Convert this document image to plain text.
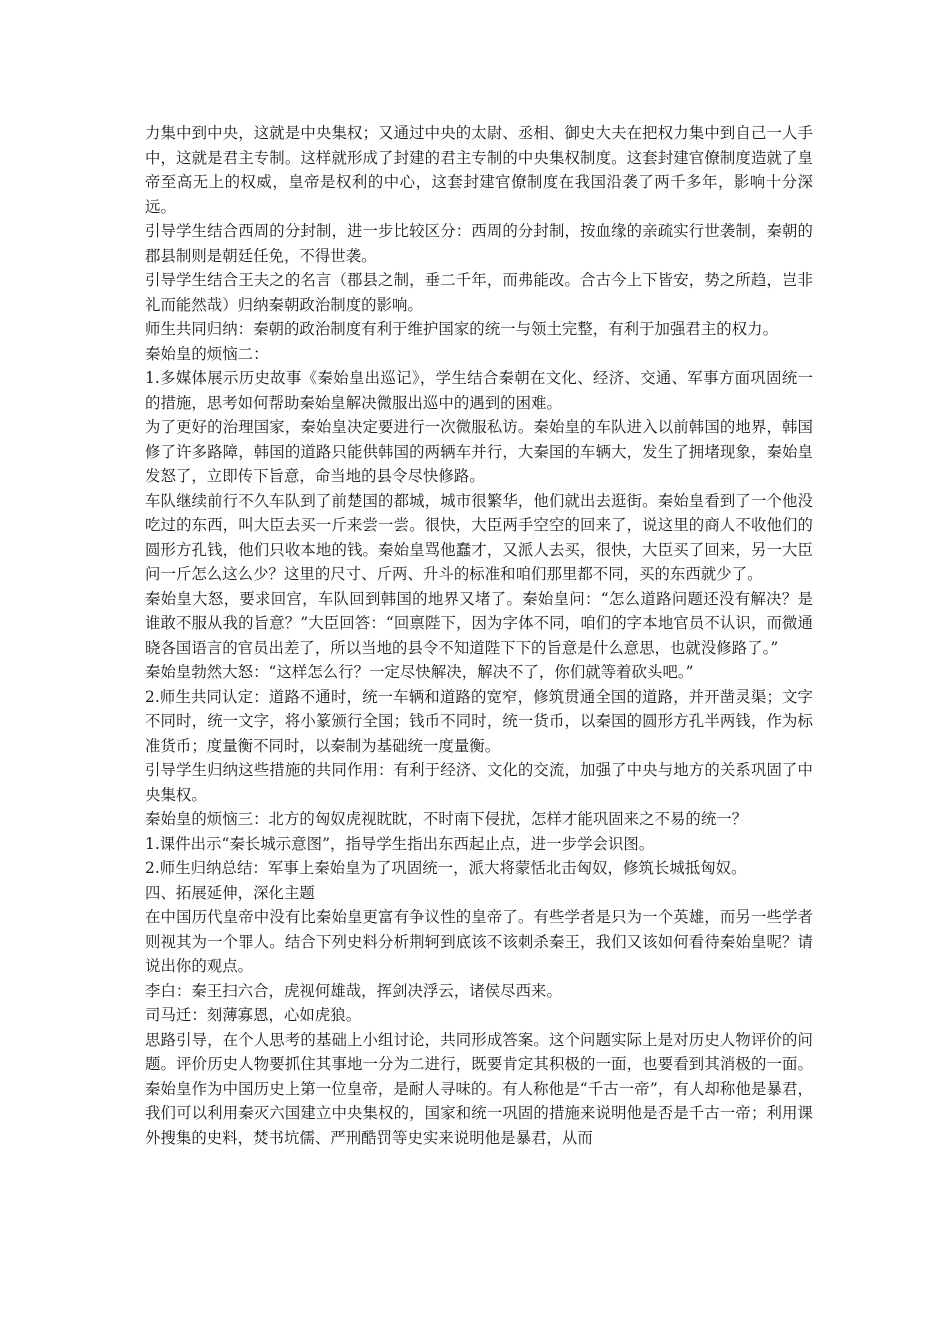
力集中到中央，这就是中央集权；又通过中央的太尉、丞相、御史大夫在把权力集中到自己一人手中，这就是君主专制。这样就形成了封建的君主专制的中央集权制度。这套封建官僚制度造就了皇帝至高无上的权威，皇帝是权利的中心，这套封建官僚制度在我国沿袭了两千多年，影响十分深远。

引导学生结合西周的分封制，进一步比较区分：西周的分封制，按血缘的亲疏实行世袭制，秦朝的郡县制则是朝廷任免，不得世袭。

引导学生结合王夫之的名言（郡县之制，垂二千年，而弗能改。合古今上下皆安，势之所趋，岂非礼而能然哉）归纳秦朝政治制度的影响。

师生共同归纳：秦朝的政治制度有利于维护国家的统一与领土完整，有利于加强君主的权力。

秦始皇的烦恼二：

1.多媒体展示历史故事《秦始皇出巡记》，学生结合秦朝在文化、经济、交通、军事方面巩固统一的措施，思考如何帮助秦始皇解决微服出巡中的遇到的困难。

为了更好的治理国家，秦始皇决定要进行一次微服私访。秦始皇的车队进入以前韩国的地界，韩国修了许多路障，韩国的道路只能供韩国的两辆车并行，大秦国的车辆大，发生了拥堵现象，秦始皇发怒了，立即传下旨意，命当地的县令尽快修路。

车队继续前行不久车队到了前楚国的都城，城市很繁华，他们就出去逛街。秦始皇看到了一个他没吃过的东西，叫大臣去买一斤来尝一尝。很快，大臣两手空空的回来了，说这里的商人不收他们的圆形方孔钱，他们只收本地的钱。秦始皇骂他蠢才，又派人去买，很快，大臣买了回来，另一大臣问一斤怎么这么少？这里的尺寸、斤两、升斗的标准和咱们那里都不同，买的东西就少了。

秦始皇大怒，要求回宫，车队回到韩国的地界又堵了。秦始皇问：“怎么道路问题还没有解决？是谁敢不服从我的旨意？”大臣回答：“回禀陛下，因为字体不同，咱们的字本地官员不认识，而微通晓各国语言的官员出差了，所以当地的县令不知道陛下下的旨意是什么意思，也就没修路了。”

秦始皇勃然大怒：“这样怎么行？一定尽快解决，解决不了，你们就等着砍头吧。”

2.师生共同认定：道路不通时，统一车辆和道路的宽窄，修筑贯通全国的道路，并开凿灵渠；文字不同时，统一文字，将小篆颁行全国；钱币不同时，统一货币，以秦国的圆形方孔半两钱，作为标准货币；度量衡不同时，以秦制为基础统一度量衡。

引导学生归纳这些措施的共同作用：有利于经济、文化的交流，加强了中央与地方的关系巩固了中央集权。

秦始皇的烦恼三：北方的匈奴虎视眈眈，不时南下侵扰，怎样才能巩固来之不易的统一？

1.课件出示“秦长城示意图”，指导学生指出东西起止点，进一步学会识图。

2.师生归纳总结：军事上秦始皇为了巩固统一，派大将蒙恬北击匈奴，修筑长城抵匈奴。

四、拓展延伸，深化主题

在中国历代皇帝中没有比秦始皇更富有争议性的皇帝了。有些学者是只为一个英雄，而另一些学者则视其为一个罪人。结合下列史料分析荆轲到底该不该刺杀秦王，我们又该如何看待秦始皇呢？请说出你的观点。

李白：秦王扫六合，虎视何雄哉，挥剑决浮云，诸侯尽西来。

司马迁：刻薄寡恩，心如虎狼。

思路引导，在个人思考的基础上小组讨论，共同形成答案。这个问题实际上是对历史人物评价的问题。评价历史人物要抓住其事地一分为二进行，既要肯定其积极的一面，也要看到其消极的一面。秦始皇作为中国历史上第一位皇帝，是耐人寻味的。有人称他是“千古一帝”，有人却称他是暴君，我们可以利用秦灭六国建立中央集权的，国家和统一巩固的措施来说明他是否是千古一帝；利用课外搜集的史料，焚书坑儒、严刑酷罚等史实来说明他是暴君，从而
